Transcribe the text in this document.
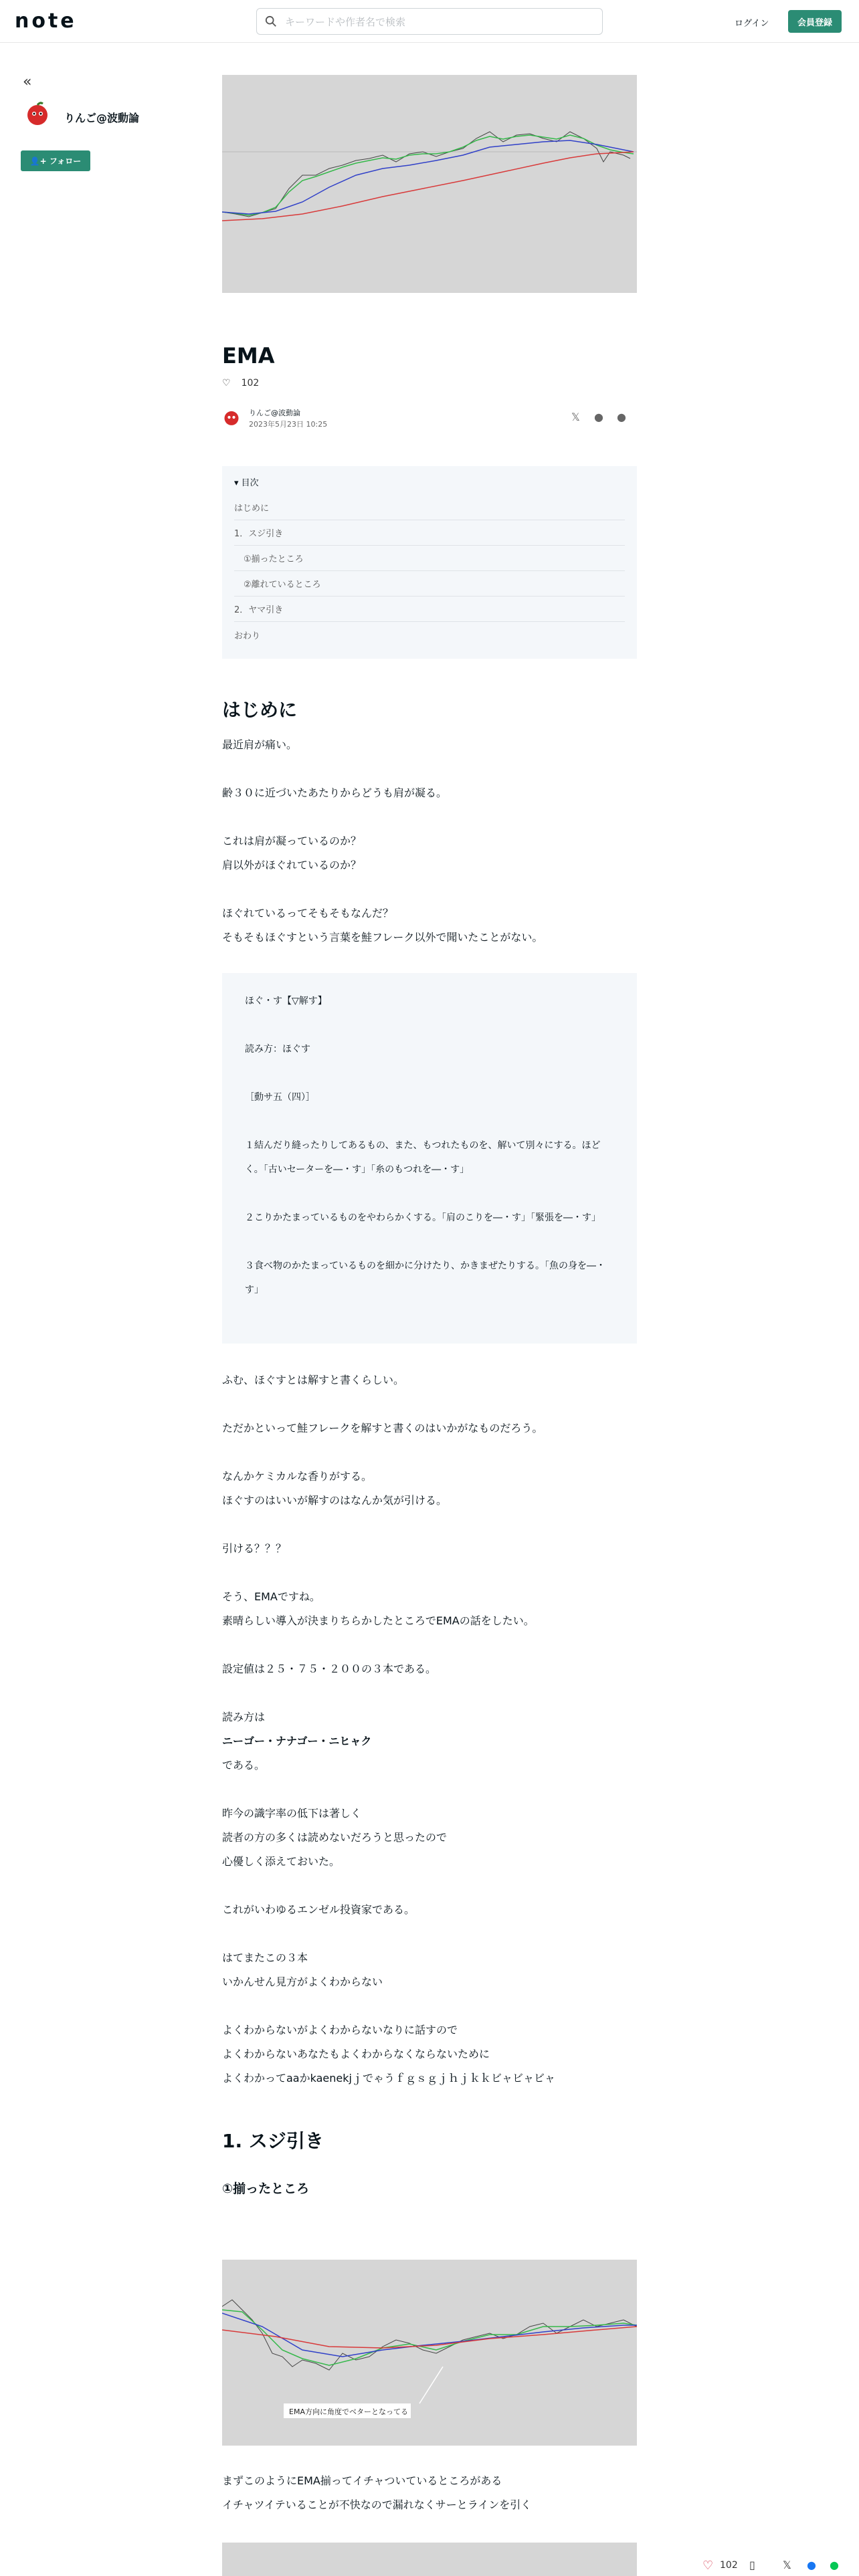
note	キーワードや作者名で検索	ログイン	会員登録
«
りんご@波動論
👤+ フォロー
EMA
♡ 102
りんご@波動論
2023年5月23日 10:25
𝕏 ● ●
▾ 目次
はじめに
1．スジ引き
①揃ったところ
②離れているところ
2．ヤマ引き
おわり
はじめに
最近肩が痛い。
齢３０に近づいたあたりからどうも肩が凝る。
これは肩が凝っているのか？
肩以外がほぐれているのか？
ほぐれているってそもそもなんだ？
そもそもほぐすという言葉を鮭フレーク以外で聞いたことがない。
ほぐ・す【▽解す】
読み方：ほぐす
［動サ五（四）］
１結んだり縫ったりしてあるもの、また、もつれたものを、解いて別々にする。ほどく。「古いセーターを―・す」「糸のもつれを―・す」
２こりかたまっているものをやわらかくする。「肩のこりを―・す」「緊張を―・す」
３食べ物のかたまっているものを細かに分けたり、かきまぜたりする。「魚の身を―・す」
ふむ、ほぐすとは解すと書くらしい。
ただかといって鮭フレークを解すと書くのはいかがなものだろう。
なんかケミカルな香りがする。
ほぐすのはいいが解すのはなんか気が引ける。
引ける？？？
そう、EMAですね。
素晴らしい導入が決まりちらかしたところでEMAの話をしたい。
設定値は２５・７５・２００の３本である。
読み方は
ニーゴー・ナナゴー・ニヒャク
である。
昨今の識字率の低下は著しく
読者の方の多くは読めないだろうと思ったので
心優しく添えておいた。
これがいわゆるエンゼル投資家である。
はてまたこの３本
いかんせん見方がよくわからない
よくわからないがよくわからないなりに話すので
よくわからないあなたもよくわからなくならないために
よくわかってaaかkaenekjｊでゃうｆｇｓｇｊｈｊｋｋビャビャビャ
1. スジ引き
①揃ったところ
EMA方向に角度でベターとなってる
まずこのようにEMA揃ってイチャついているところがある
イチャツイテいることが不快なので漏れなくサーとラインを引く
♡ 102 ▯	𝕏 ● ●
